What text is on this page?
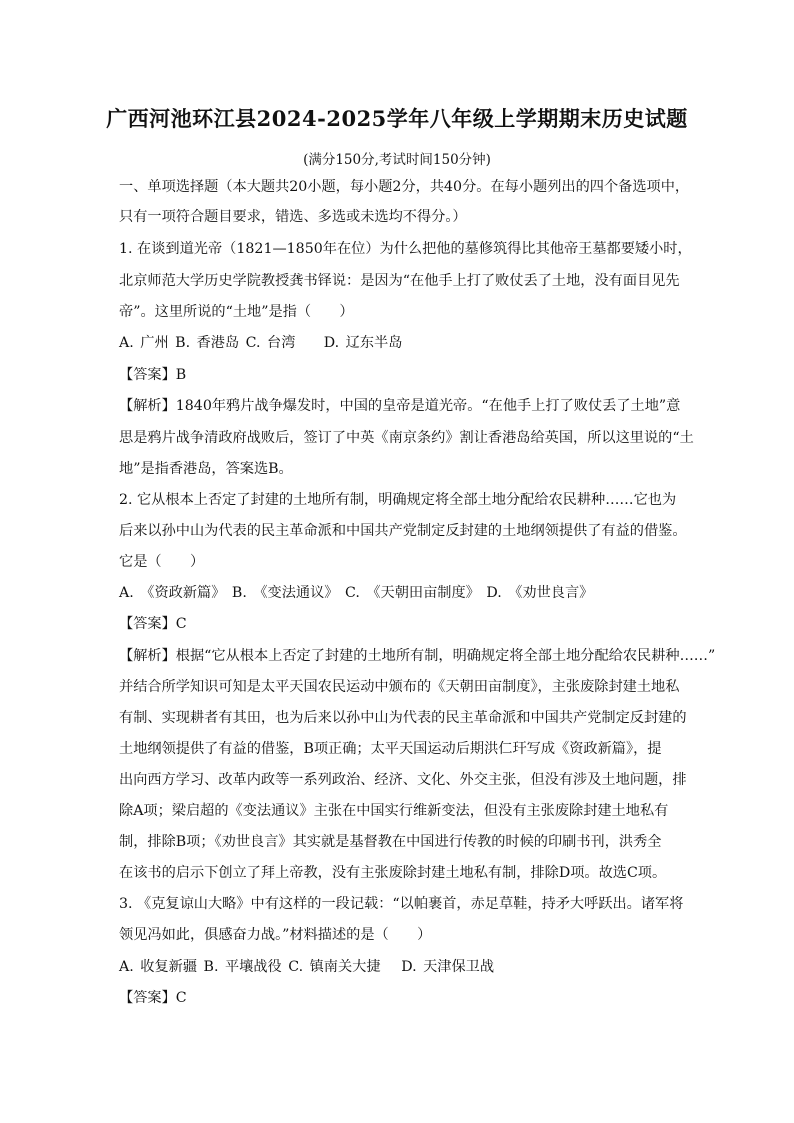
广西河池环江县2024-2025学年八年级上学期期末历史试题
(满分150分,考试时间150分钟)
一、单项选择题（本大题共20小题，每小题2分，共40分。在每小题列出的四个备选项中，
只有一项符合题目要求，错选、多选或未选均不得分。）
1. 在谈到道光帝（1821—1850年在位）为什么把他的墓修筑得比其他帝王墓都要矮小时，
北京师范大学历史学院教授龚书铎说：是因为“在他手上打了败仗丢了土地，没有面目见先
帝”。这里所说的“土地”是指（　　）
A. 广州 B. 香港岛 C. 台湾　　D. 辽东半岛
【答案】B
【解析】1840年鸦片战争爆发时，中国的皇帝是道光帝。“在他手上打了败仗丢了土地”意
思是鸦片战争清政府战败后，签订了中英《南京条约》割让香港岛给英国，所以这里说的“土
地”是指香港岛，答案选B。
2. 它从根本上否定了封建的土地所有制，明确规定将全部土地分配给农民耕种……它也为
后来以孙中山为代表的民主革命派和中国共产党制定反封建的土地纲领提供了有益的借鉴。
它是（　　）
A. 《资政新篇》 B. 《变法通议》 C. 《天朝田亩制度》 D. 《劝世良言》
【答案】C
【解析】根据“它从根本上否定了封建的土地所有制，明确规定将全部土地分配给农民耕种……”
并结合所学知识可知是太平天国农民运动中颁布的《天朝田亩制度》，主张废除封建土地私
有制、实现耕者有其田，也为后来以孙中山为代表的民主革命派和中国共产党制定反封建的
土地纲领提供了有益的借鉴，B项正确；太平天国运动后期洪仁玕写成《资政新篇》，提
出向西方学习、改革内政等一系列政治、经济、文化、外交主张，但没有涉及土地问题，排
除A项；梁启超的《变法通议》主张在中国实行维新变法，但没有主张废除封建土地私有
制，排除B项；《劝世良言》其实就是基督教在中国进行传教的时候的印刷书刊，洪秀全
在该书的启示下创立了拜上帝教，没有主张废除封建土地私有制，排除D项。故选C项。
3. 《克复谅山大略》中有这样的一段记载：“以帕裹首，赤足草鞋，持矛大呼跃出。诸军将
领见冯如此，俱感奋力战。”材料描述的是（　　）
A. 收复新疆 B. 平壤战役 C. 镇南关大捷　 D. 天津保卫战
【答案】C
